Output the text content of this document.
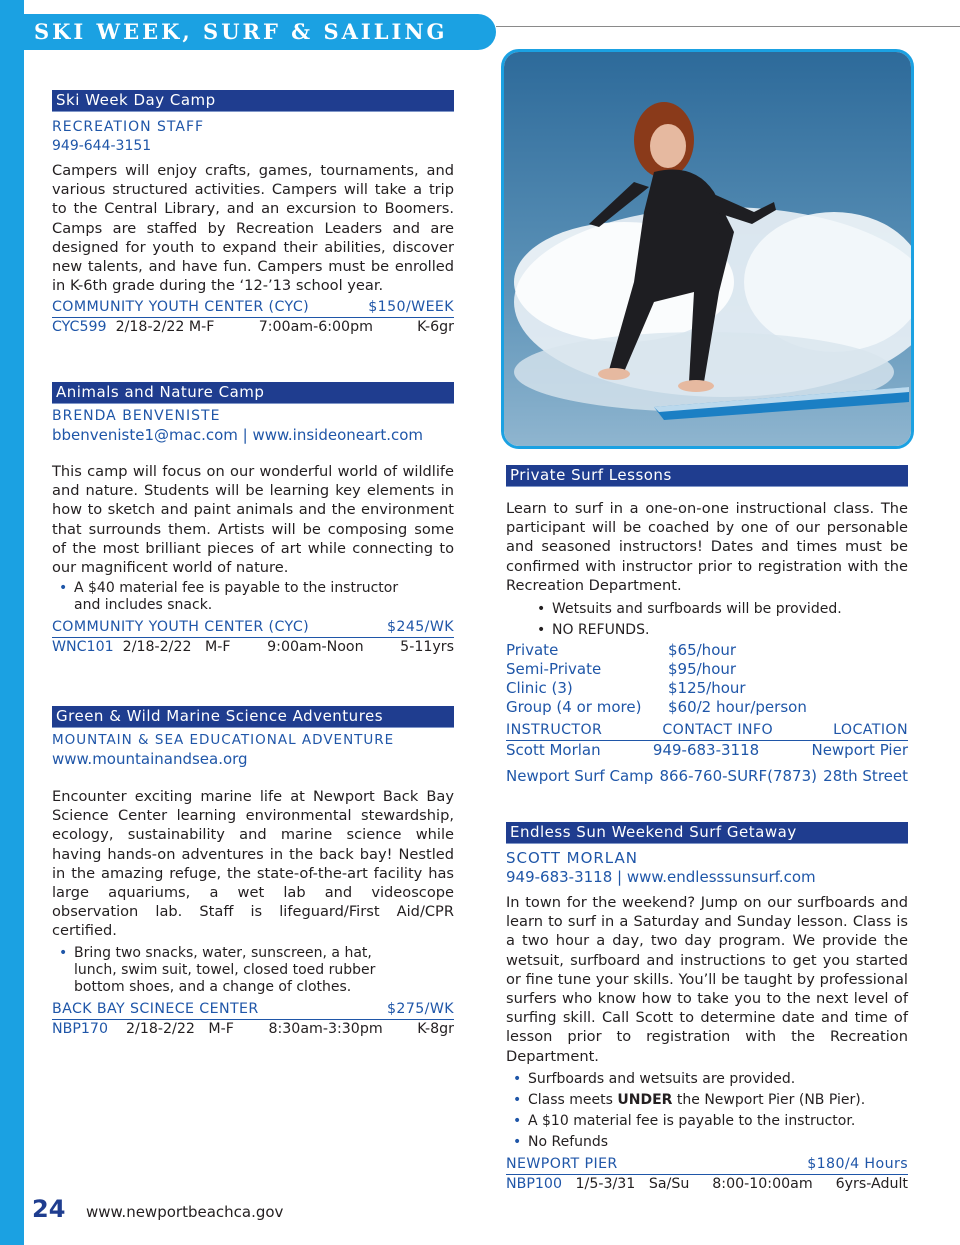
SKI WEEK, SURF & SAILING
Ski Week Day Camp
RECREATION STAFF
949-644-3151
Campers will enjoy crafts, games, tournaments, and various structured activities. Campers will take a trip to the Central Library, and an excursion to Boomers. Camps are staffed by Recreation Leaders and are designed for youth to expand their abilities, discover new talents, and have fun. Campers must be enrolled in K-6th grade during the ‘12-’13 school year.
COMMUNITY YOUTH CENTER (CYC)	$150/WEEK
CYC599 2/18-2/22 M-F	7:00am-6:00pm	K-6gr
Animals and Nature Camp
BRENDA BENVENISTE
bbenveniste1@mac.com | www.insideoneart.com
This camp will focus on our wonderful world of wildlife and nature. Students will be learning key elements in how to sketch and paint animals and the environment that surrounds them. Artists will be composing some of the most brilliant pieces of art while connecting to our magnificent world of nature.
• A $40 material fee is payable to the instructor
and includes snack.
COMMUNITY YOUTH CENTER (CYC)	$245/WK
WNC101 2/18-2/22 M-F	9:00am-Noon	5-11yrs
Green & Wild Marine Science Adventures
MOUNTAIN & SEA EDUCATIONAL ADVENTURE
www.mountainandsea.org
Encounter exciting marine life at Newport Back Bay Science Center learning environmental stewardship, ecology, sustainability and marine science while having hands-on adventures in the back bay! Nestled in the amazing refuge, the state-of-the-art facility has large aquariums, a wet lab and videoscope observation lab. Staff is lifeguard/First Aid/CPR certified.
• Bring two snacks, water, sunscreen, a hat,
lunch, swim suit, towel, closed toed rubber
bottom shoes, and a change of clothes.
BACK BAY SCINECE CENTER	$275/WK
NBP170 2/18-2/22 M-F 8:30am-3:30pm K-8gr
Private Surf Lessons
Learn to surf in a one-on-one instructional class. The participant will be coached by one of our personable and seasoned instructors! Dates and times must be confirmed with instructor prior to registration with the Recreation Department.
• Wetsuits and surfboards will be provided.
• NO REFUNDS.
Private	$65/hour
Semi-Private	$95/hour
Clinic (3)	$125/hour
Group (4 or more)	$60/2 hour/person
INSTRUCTOR	CONTACT INFO	LOCATION
Scott Morlan	949-683-3118	Newport Pier
Newport Surf Camp 866-760-SURF(7873) 28th Street
Endless Sun Weekend Surf Getaway
SCOTT MORLAN
949-683-3118 | www.endlesssunsurf.com
In town for the weekend? Jump on our surfboards and learn to surf in a Saturday and Sunday lesson. Class is a two hour a day, two day program. We provide the wetsuit, surfboard and instructions to get you started or fine tune your skills. You’ll be taught by professional surfers who know how to take you to the next level of surfing skill. Call Scott to determine date and time of lesson prior to registration with the Recreation Department.
• Surfboards and wetsuits are provided.
• Class meets UNDER the Newport Pier (NB Pier).
• A $10 material fee is payable to the instructor.
• No Refunds
NEWPORT PIER	$180/4 Hours
NBP100 1/5-3/31 Sa/Su 8:00-10:00am 6yrs-Adult
24 www.newportbeachca.gov
